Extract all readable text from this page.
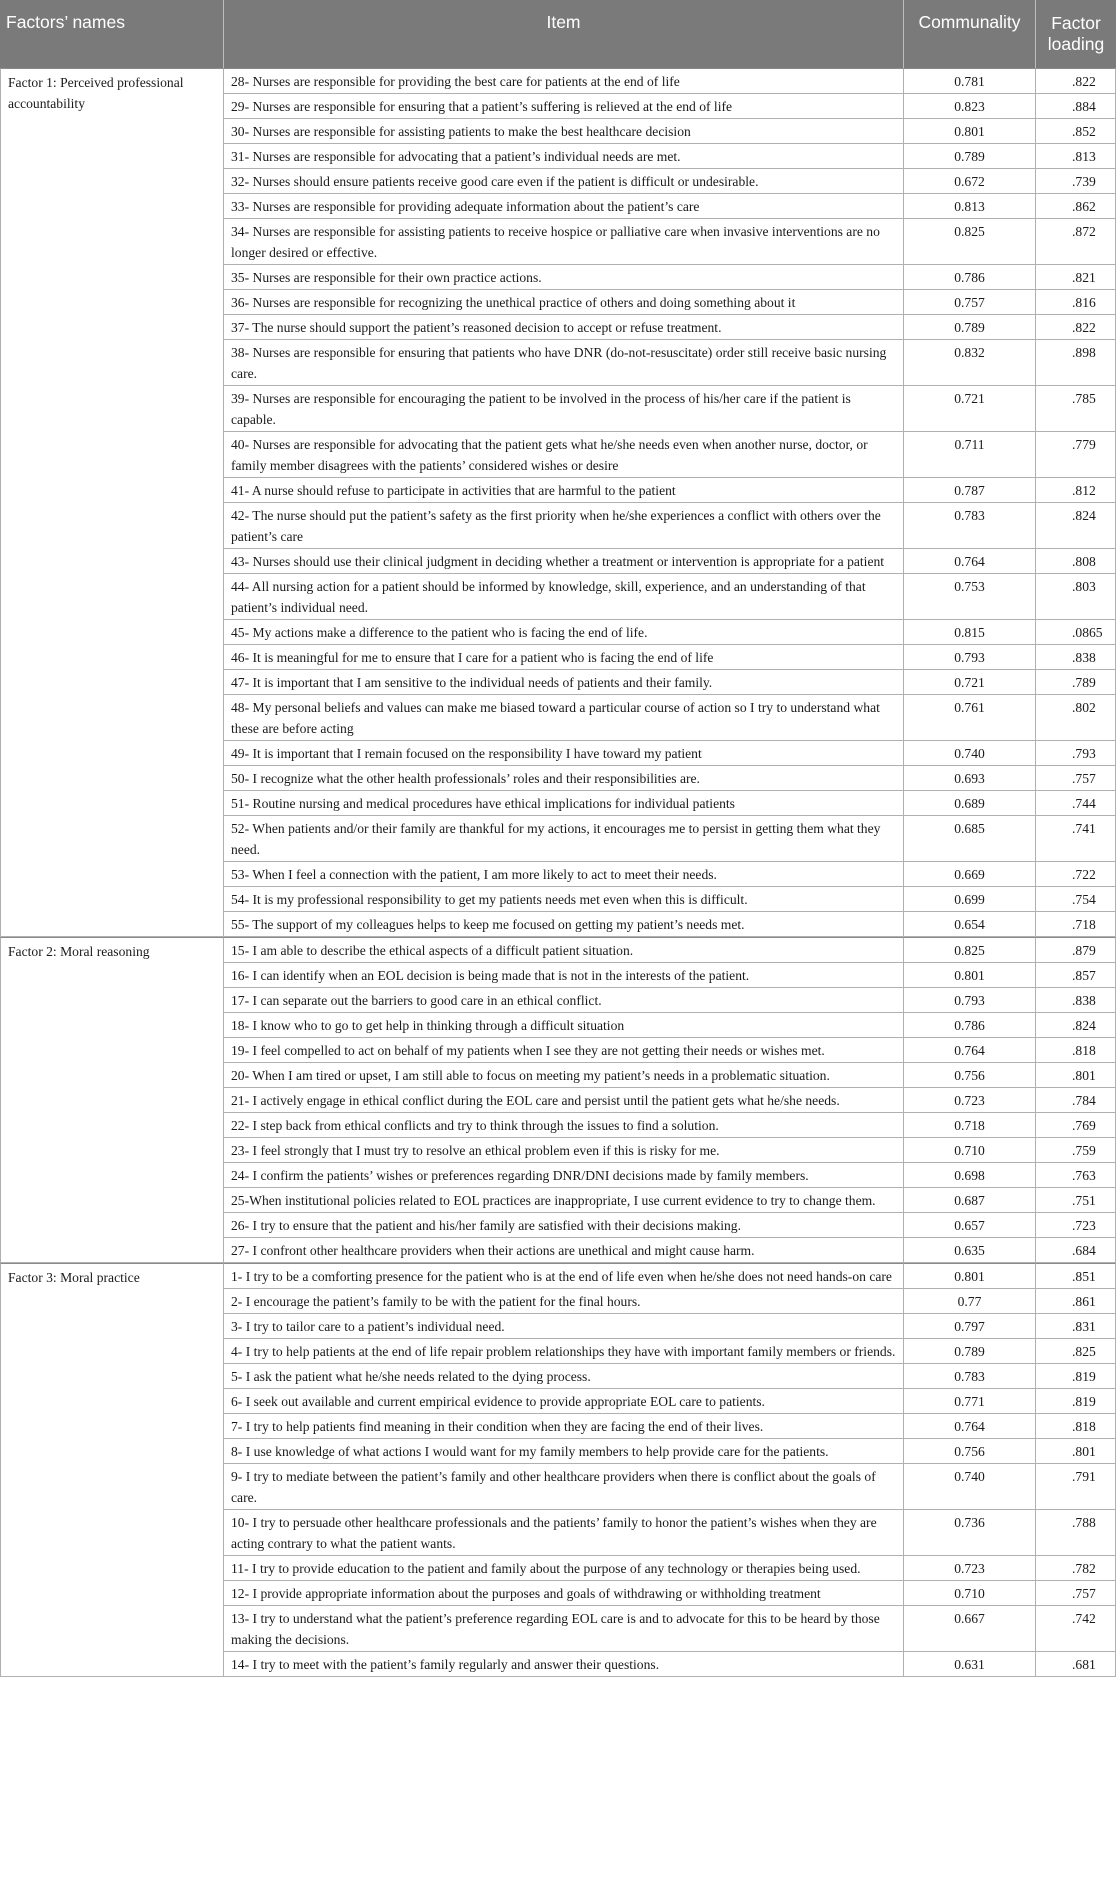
Factors’ names	Item	Communality	Factor loading
Factor 1: Perceived professional accountability	28- Nurses are responsible for providing the best care for patients at the end of life	0.781	.822
	29- Nurses are responsible for ensuring that a patient’s suffering is relieved at the end of life	0.823	.884
	30- Nurses are responsible for assisting patients to make the best healthcare decision	0.801	.852
	31- Nurses are responsible for advocating that a patient’s individual needs are met.	0.789	.813
	32- Nurses should ensure patients receive good care even if the patient is difficult or undesirable.	0.672	.739
	33- Nurses are responsible for providing adequate information about the patient’s care	0.813	.862
	34- Nurses are responsible for assisting patients to receive hospice or palliative care when invasive interventions are no longer desired or effective.	0.825	.872
	35- Nurses are responsible for their own practice actions.	0.786	.821
	36- Nurses are responsible for recognizing the unethical practice of others and doing something about it	0.757	.816
	37- The nurse should support the patient’s reasoned decision to accept or refuse treatment.	0.789	.822
	38- Nurses are responsible for ensuring that patients who have DNR (do-not-resuscitate) order still receive basic nursing care.	0.832	.898
	39- Nurses are responsible for encouraging the patient to be involved in the process of his/her care if the patient is capable.	0.721	.785
	40- Nurses are responsible for advocating that the patient gets what he/she needs even when another nurse, doctor, or family member disagrees with the patients’ considered wishes or desire	0.711	.779
	41- A nurse should refuse to participate in activities that are harmful to the patient	0.787	.812
	42- The nurse should put the patient’s safety as the first priority when he/she experiences a conflict with others over the patient’s care	0.783	.824
	43- Nurses should use their clinical judgment in deciding whether a treatment or intervention is appropriate for a patient	0.764	.808
	44- All nursing action for a patient should be informed by knowledge, skill, experience, and an understanding of that patient’s individual need.	0.753	.803
	45- My actions make a difference to the patient who is facing the end of life.	0.815	.0865
	46- It is meaningful for me to ensure that I care for a patient who is facing the end of life	0.793	.838
	47- It is important that I am sensitive to the individual needs of patients and their family.	0.721	.789
	48- My personal beliefs and values can make me biased toward a particular course of action so I try to understand what these are before acting	0.761	.802
	49- It is important that I remain focused on the responsibility I have toward my patient	0.740	.793
	50- I recognize what the other health professionals’ roles and their responsibilities are.	0.693	.757
	51- Routine nursing and medical procedures have ethical implications for individual patients	0.689	.744
	52- When patients and/or their family are thankful for my actions, it encourages me to persist in getting them what they need.	0.685	.741
	53- When I feel a connection with the patient, I am more likely to act to meet their needs.	0.669	.722
	54- It is my professional responsibility to get my patients needs met even when this is difficult.	0.699	.754
	55- The support of my colleagues helps to keep me focused on getting my patient’s needs met.	0.654	.718
Factor 2: Moral reasoning	15- I am able to describe the ethical aspects of a difficult patient situation.	0.825	.879
	16- I can identify when an EOL decision is being made that is not in the interests of the patient.	0.801	.857
	17- I can separate out the barriers to good care in an ethical conflict.	0.793	.838
	18- I know who to go to get help in thinking through a difficult situation	0.786	.824
	19- I feel compelled to act on behalf of my patients when I see they are not getting their needs or wishes met.	0.764	.818
	20- When I am tired or upset, I am still able to focus on meeting my patient’s needs in a problematic situation.	0.756	.801
	21- I actively engage in ethical conflict during the EOL care and persist until the patient gets what he/she needs.	0.723	.784
	22- I step back from ethical conflicts and try to think through the issues to find a solution.	0.718	.769
	23- I feel strongly that I must try to resolve an ethical problem even if this is risky for me.	0.710	.759
	24- I confirm the patients’ wishes or preferences regarding DNR/DNI decisions made by family members.	0.698	.763
	25-When institutional policies related to EOL practices are inappropriate, I use current evidence to try to change them.	0.687	.751
	26- I try to ensure that the patient and his/her family are satisfied with their decisions making.	0.657	.723
	27- I confront other healthcare providers when their actions are unethical and might cause harm.	0.635	.684
Factor 3: Moral practice	1- I try to be a comforting presence for the patient who is at the end of life even when he/she does not need hands-on care	0.801	.851
	2- I encourage the patient’s family to be with the patient for the final hours.	0.77	.861
	3- I try to tailor care to a patient’s individual need.	0.797	.831
	4- I try to help patients at the end of life repair problem relationships they have with important family members or friends.	0.789	.825
	5- I ask the patient what he/she needs related to the dying process.	0.783	.819
	6- I seek out available and current empirical evidence to provide appropriate EOL care to patients.	0.771	.819
	7- I try to help patients find meaning in their condition when they are facing the end of their lives.	0.764	.818
	8- I use knowledge of what actions I would want for my family members to help provide care for the patients.	0.756	.801
	9- I try to mediate between the patient’s family and other healthcare providers when there is conflict about the goals of care.	0.740	.791
	10- I try to persuade other healthcare professionals and the patients’ family to honor the patient’s wishes when they are acting contrary to what the patient wants.	0.736	.788
	11- I try to provide education to the patient and family about the purpose of any technology or therapies being used.	0.723	.782
	12- I provide appropriate information about the purposes and goals of withdrawing or withholding treatment	0.710	.757
	13- I try to understand what the patient’s preference regarding EOL care is and to advocate for this to be heard by those making the decisions.	0.667	.742
	14- I try to meet with the patient’s family regularly and answer their questions.	0.631	.681
